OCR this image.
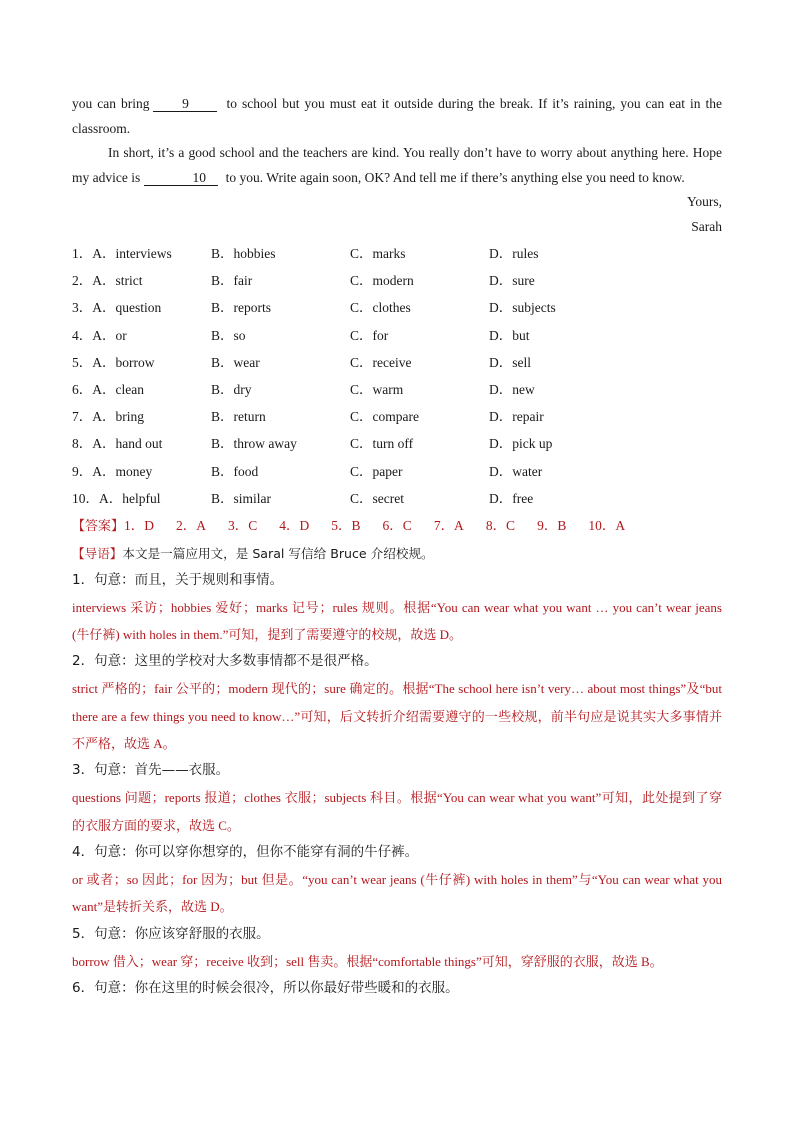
you can bring 9	to school but you must eat it outside during the break. If it’s raining, you can eat in the classroom.

In short, it’s a good school and the teachers are kind. You really don’t have to worry about anything here. Hope my advice is	10 to you. Write again soon, OK? And tell me if there’s anything else you need to know.

Yours,

Sarah

1．A．interviews	B．hobbies	C．marks	D．rules
2．A．strict	B．fair	C．modern	D．sure
3．A．question	B．reports	C．clothes	D．subjects
4．A．or	B．so	C．for	D．but
5．A．borrow	B．wear	C．receive	D．sell
6．A．clean	B．dry	C．warm	D．new
7．A．bring	B．return	C．compare	D．repair
8．A．hand out	B．throw away	C．turn off	D．pick up
9．A．money	B．food	C．paper	D．water
10．A．helpful	B．similar	C．secret	D．free

【答案】1．D 2．A 3．C 4．D 5．B 6．C 7．A 8．C 9．B 10．A

【导语】本文是一篇应用文，是 Saral 写信给 Bruce 介绍校规。

1．句意：而且，关于规则和事情。

interviews 采访；hobbies 爱好；marks 记号；rules 规则。根据“You can wear what you want … you can’t wear jeans (牛仔裤) with holes in them.”可知，提到了需要遵守的校规，故选 D。

2．句意：这里的学校对大多数事情都不是很严格。

strict 严格的；fair 公平的；modern 现代的；sure 确定的。根据“The school here isn’t very… about most things”及“but there are a few things you need to know…”可知，后文转折介绍需要遵守的一些校规，前半句应是说其实大多事情并不严格，故选 A。

3．句意：首先——衣服。

questions 问题；reports 报道；clothes 衣服；subjects 科目。根据“You can wear what you want”可知，此处提到了穿的衣服方面的要求，故选 C。

4．句意：你可以穿你想穿的，但你不能穿有洞的牛仔裤。

or 或者；so 因此；for 因为；but 但是。“you can’t wear jeans (牛仔裤) with holes in them”与“You can wear what you want”是转折关系，故选 D。

5．句意：你应该穿舒服的衣服。

borrow 借入；wear 穿；receive 收到；sell 售卖。根据“comfortable things”可知，穿舒服的衣服，故选 B。

6．句意：你在这里的时候会很冷，所以你最好带些暖和的衣服。
